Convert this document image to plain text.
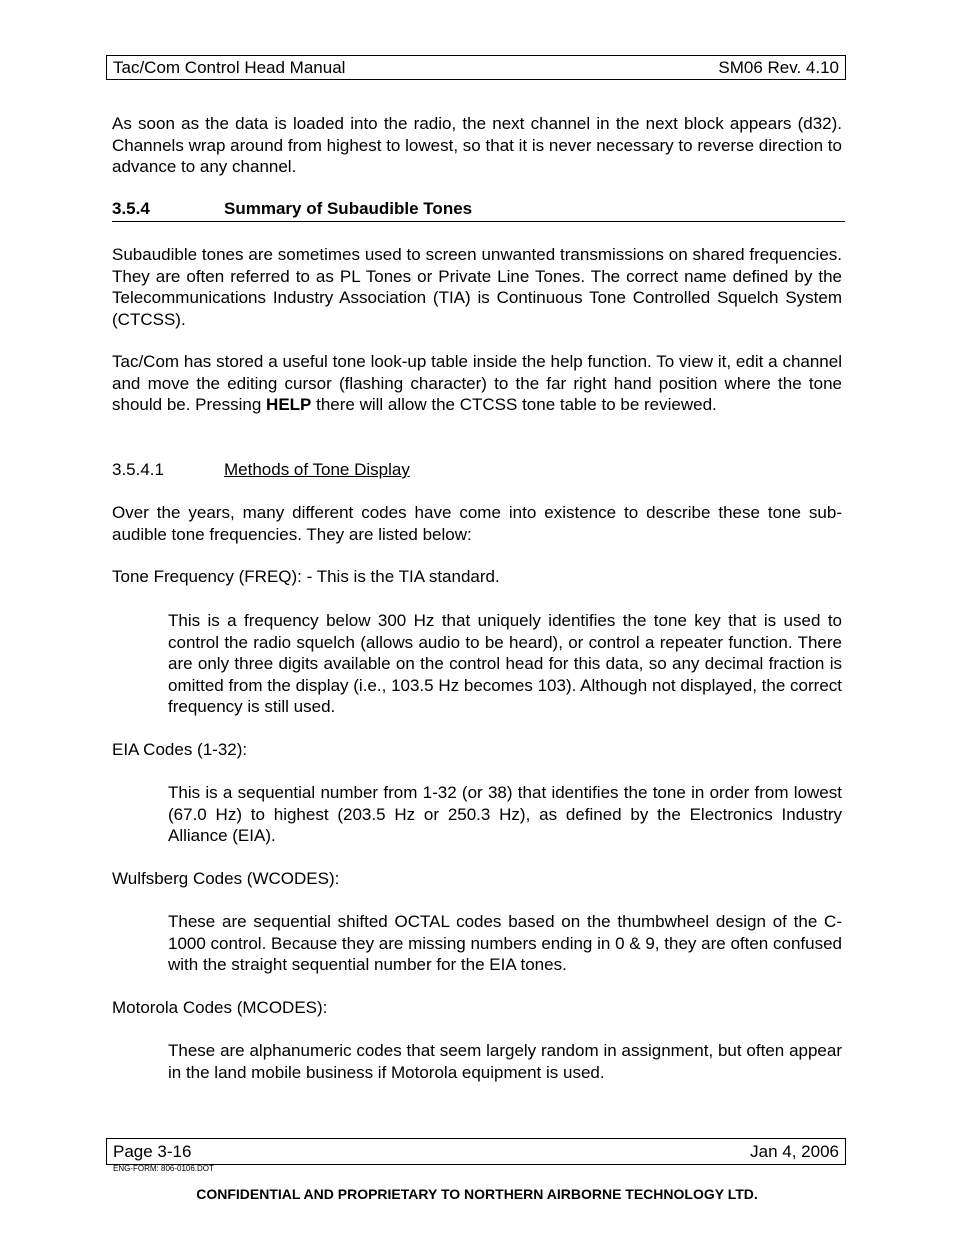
Tac/Com Control Head Manual	SM06 Rev. 4.10

As soon as the data is loaded into the radio, the next channel in the next block appears (d32). Channels wrap around from highest to lowest, so that it is never necessary to reverse direction to advance to any channel.

3.5.4	Summary of Subaudible Tones

Subaudible tones are sometimes used to screen unwanted transmissions on shared frequencies. They are often referred to as PL Tones or Private Line Tones. The correct name defined by the Telecommunications Industry Association (TIA) is Continuous Tone Controlled Squelch System (CTCSS).

Tac/Com has stored a useful tone look-up table inside the help function. To view it, edit a channel and move the editing cursor (flashing character) to the far right hand position where the tone should be. Pressing HELP there will allow the CTCSS tone table to be reviewed.

3.5.4.1	Methods of Tone Display

Over the years, many different codes have come into existence to describe these tone sub-audible tone frequencies. They are listed below:

Tone Frequency (FREQ): - This is the TIA standard.

This is a frequency below 300 Hz that uniquely identifies the tone key that is used to control the radio squelch (allows audio to be heard), or control a repeater function. There are only three digits available on the control head for this data, so any decimal fraction is omitted from the display (i.e., 103.5 Hz becomes 103). Although not displayed, the correct frequency is still used.

EIA Codes (1-32):

This is a sequential number from 1-32 (or 38) that identifies the tone in order from lowest (67.0 Hz) to highest (203.5 Hz or 250.3 Hz), as defined by the Electronics Industry Alliance (EIA).

Wulfsberg Codes (WCODES):

These are sequential shifted OCTAL codes based on the thumbwheel design of the C-1000 control. Because they are missing numbers ending in 0 & 9, they are often confused with the straight sequential number for the EIA tones.

Motorola Codes (MCODES):

These are alphanumeric codes that seem largely random in assignment, but often appear in the land mobile business if Motorola equipment is used.

Page 3-16	Jan 4, 2006
ENG-FORM: 806-0106.DOT
CONFIDENTIAL AND PROPRIETARY TO NORTHERN AIRBORNE TECHNOLOGY LTD.
